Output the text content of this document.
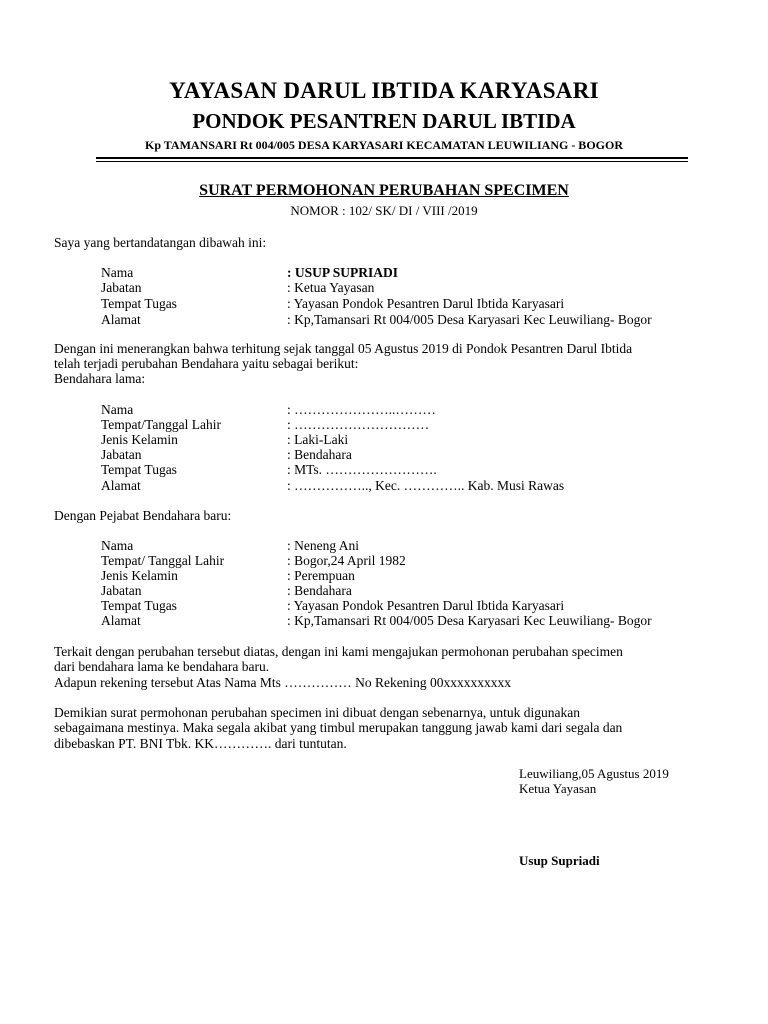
YAYASAN DARUL IBTIDA KARYASARI
PONDOK PESANTREN DARUL IBTIDA
Kp TAMANSARI Rt 004/005 DESA KARYASARI KECAMATAN LEUWILIANG - BOGOR
SURAT PERMOHONAN PERUBAHAN SPECIMEN
NOMOR : 102/ SK/ DI / VIII /2019
Saya yang bertandatangan dibawah ini:
Nama	: USUP SUPRIADI
Jabatan	: Ketua Yayasan
Tempat Tugas	: Yayasan Pondok Pesantren Darul Ibtida Karyasari
Alamat	: Kp,Tamansari Rt 004/005 Desa Karyasari Kec Leuwiliang- Bogor
Dengan ini menerangkan bahwa terhitung sejak tanggal 05 Agustus 2019 di Pondok Pesantren Darul Ibtida
telah terjadi perubahan Bendahara yaitu sebagai berikut:
Bendahara lama:
Nama	: …………………..………
Tempat/Tanggal Lahir	: …………………………
Jenis Kelamin	: Laki-Laki
Jabatan	: Bendahara
Tempat Tugas	: MTs. …………………….
Alamat	: …………….., Kec. ………….. Kab. Musi Rawas
Dengan Pejabat Bendahara baru:
Nama	: Neneng Ani
Tempat/ Tanggal Lahir	: Bogor,24 April 1982
Jenis Kelamin	: Perempuan
Jabatan	: Bendahara
Tempat Tugas	: Yayasan Pondok Pesantren Darul Ibtida Karyasari
Alamat	: Kp,Tamansari Rt 004/005 Desa Karyasari Kec Leuwiliang- Bogor
Terkait dengan perubahan tersebut diatas, dengan ini kami mengajukan permohonan perubahan specimen
dari bendahara lama ke bendahara baru.
Adapun rekening tersebut Atas Nama Mts …………… No Rekening 00xxxxxxxxxx
Demikian surat permohonan perubahan specimen ini dibuat dengan sebenarnya, untuk digunakan
sebagaimana mestinya. Maka segala akibat yang timbul merupakan tanggung jawab kami dari segala dan
dibebaskan PT. BNI Tbk. KK…………. dari tuntutan.
Leuwiliang,05 Agustus 2019
Ketua Yayasan
Usup Supriadi
